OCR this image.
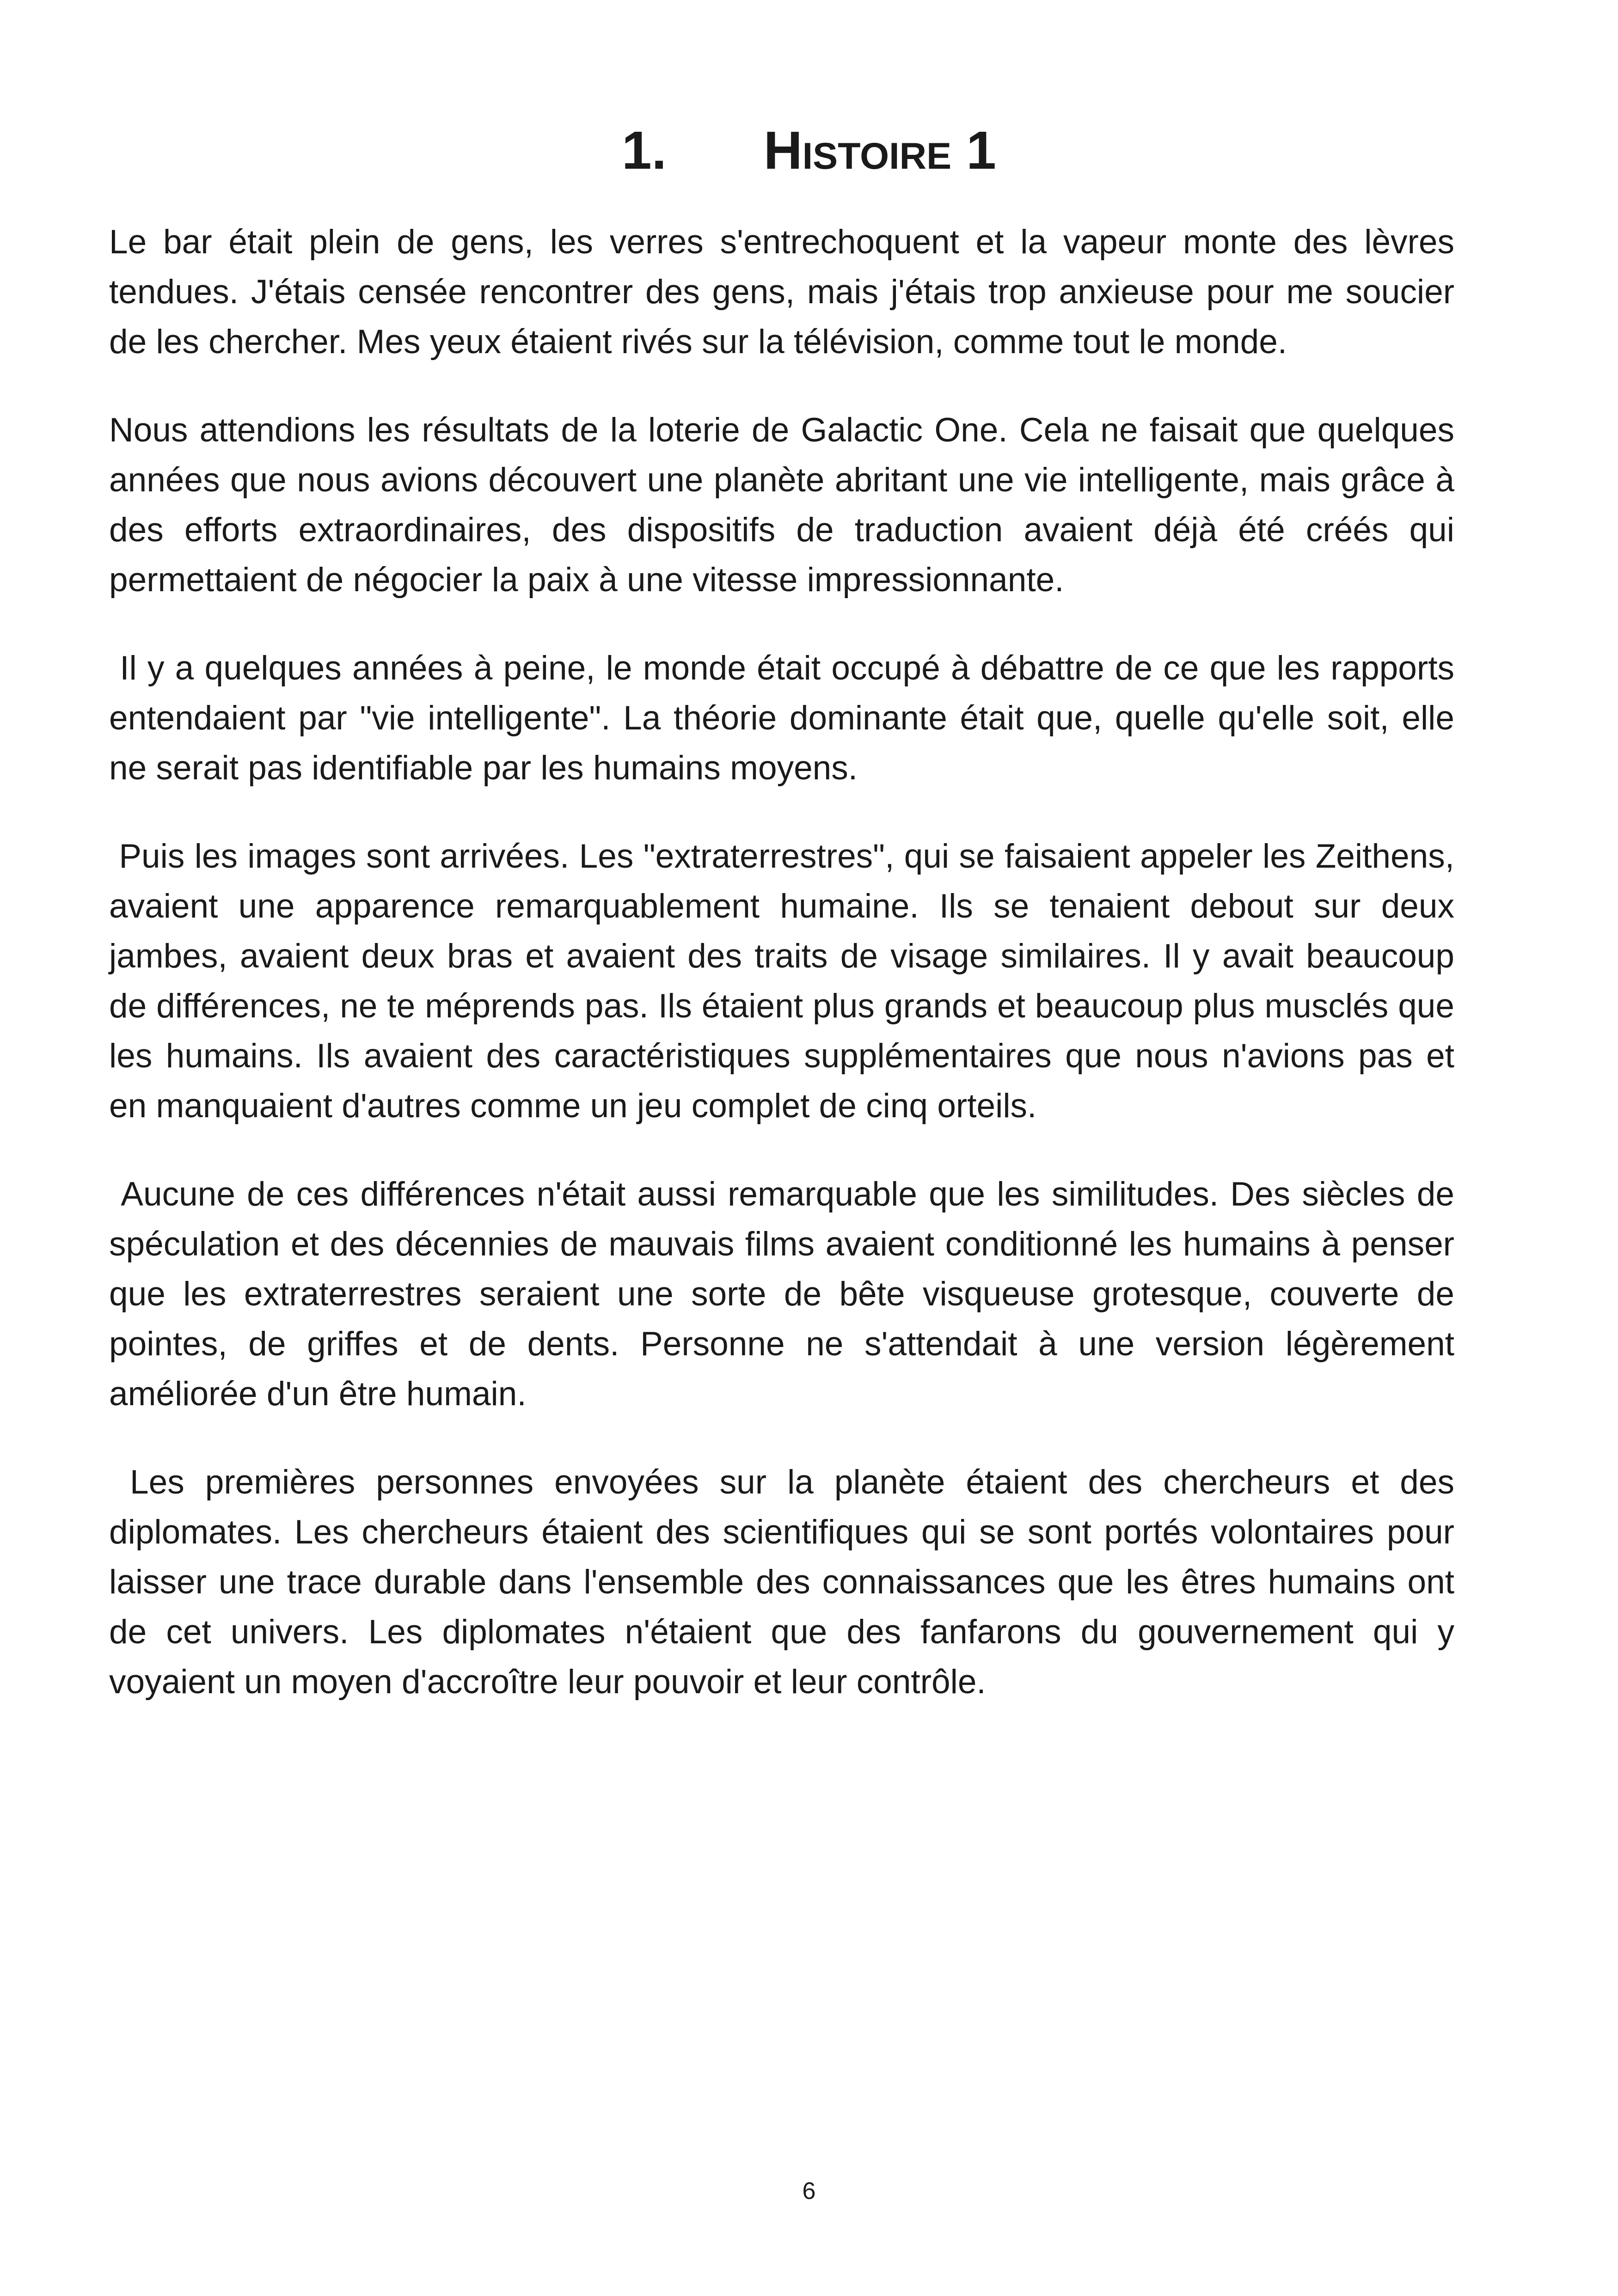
1. Histoire 1

Le bar était plein de gens, les verres s'entrechoquent et la vapeur monte des lèvres tendues. J'étais censée rencontrer des gens, mais j'étais trop anxieuse pour me soucier de les chercher. Mes yeux étaient rivés sur la télévision, comme tout le monde.

Nous attendions les résultats de la loterie de Galactic One. Cela ne faisait que quelques années que nous avions découvert une planète abritant une vie intelligente, mais grâce à des efforts extraordinaires, des dispositifs de traduction avaient déjà été créés qui permettaient de négocier la paix à une vitesse impressionnante.

Il y a quelques années à peine, le monde était occupé à débattre de ce que les rapports entendaient par "vie intelligente". La théorie dominante était que, quelle qu'elle soit, elle ne serait pas identifiable par les humains moyens.

Puis les images sont arrivées. Les "extraterrestres", qui se faisaient appeler les Zeithens, avaient une apparence remarquablement humaine. Ils se tenaient debout sur deux jambes, avaient deux bras et avaient des traits de visage similaires. Il y avait beaucoup de différences, ne te méprends pas. Ils étaient plus grands et beaucoup plus musclés que les humains. Ils avaient des caractéristiques supplémentaires que nous n'avions pas et en manquaient d'autres comme un jeu complet de cinq orteils.

Aucune de ces différences n'était aussi remarquable que les similitudes. Des siècles de spéculation et des décennies de mauvais films avaient conditionné les humains à penser que les extraterrestres seraient une sorte de bête visqueuse grotesque, couverte de pointes, de griffes et de dents. Personne ne s'attendait à une version légèrement améliorée d'un être humain.

Les premières personnes envoyées sur la planète étaient des chercheurs et des diplomates. Les chercheurs étaient des scientifiques qui se sont portés volontaires pour laisser une trace durable dans l'ensemble des connaissances que les êtres humains ont de cet univers. Les diplomates n'étaient que des fanfarons du gouvernement qui y voyaient un moyen d'accroître leur pouvoir et leur contrôle.

6
